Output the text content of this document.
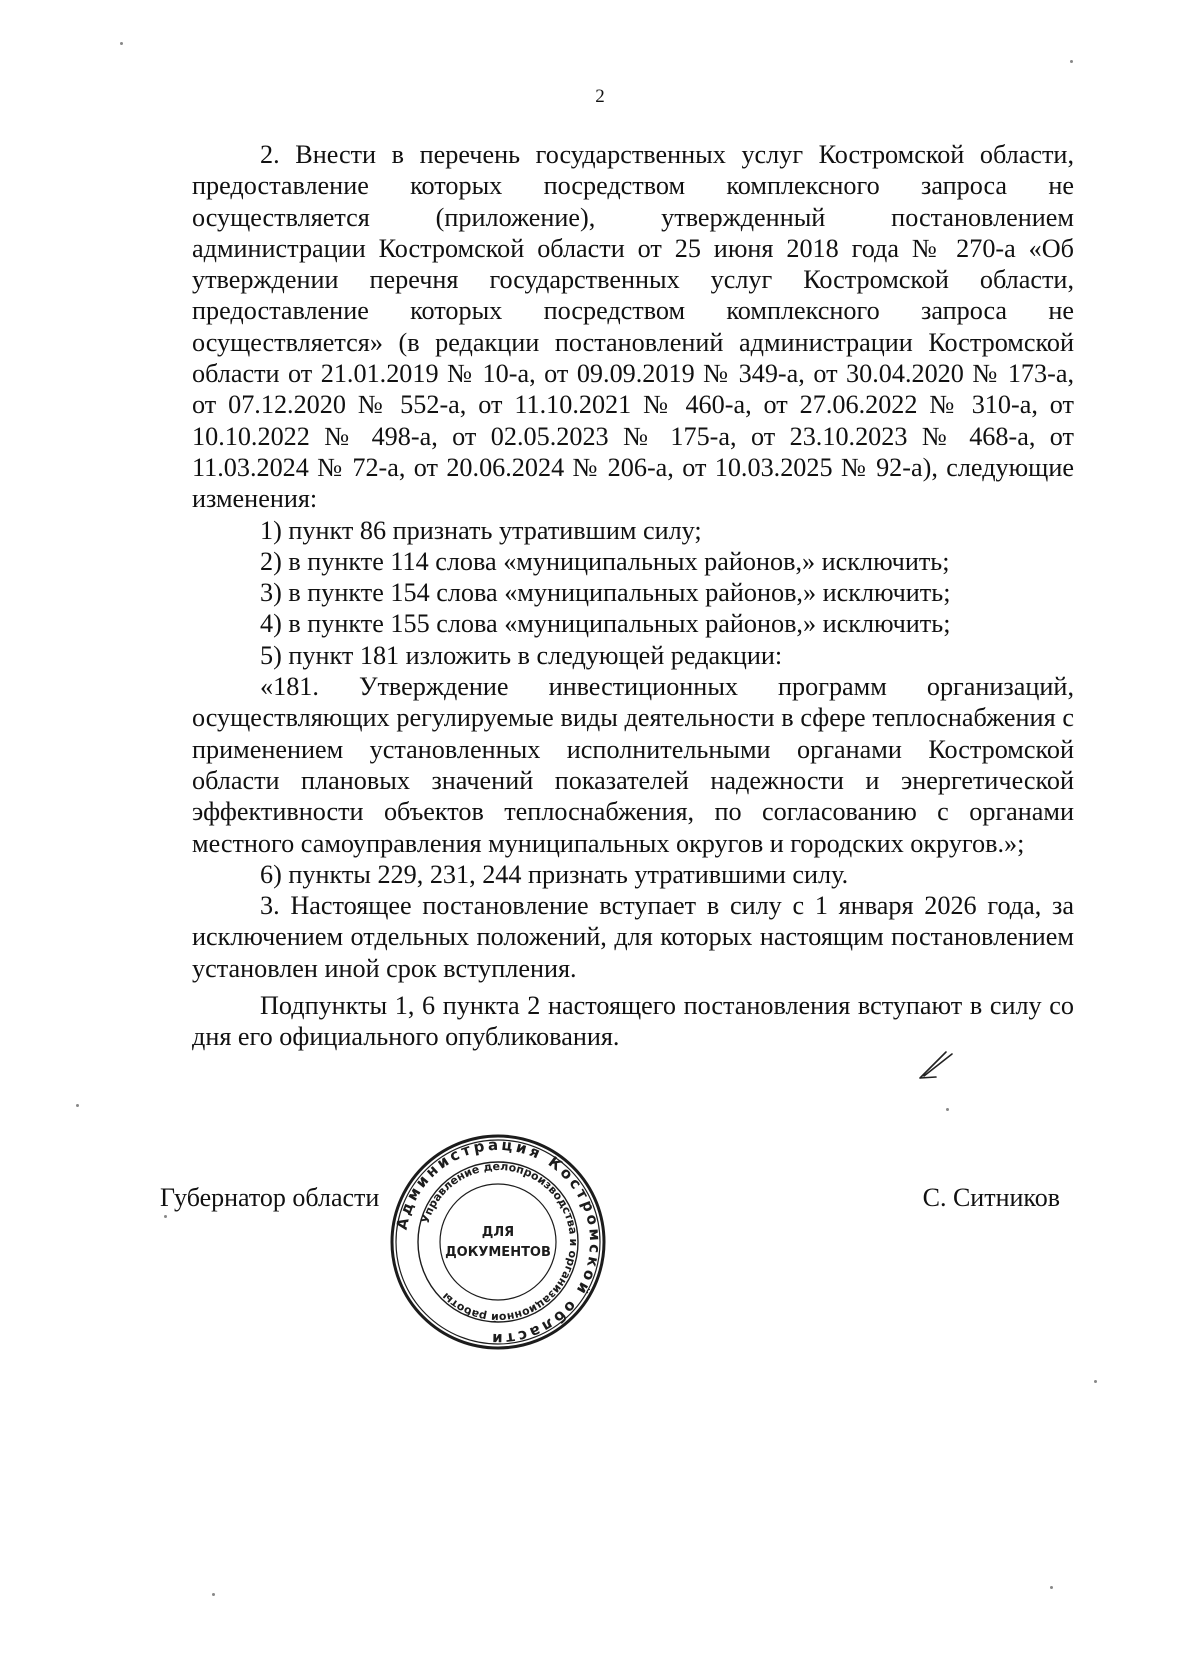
2

2. Внести в перечень государственных услуг Костромской области, предоставление которых посредством комплексного запроса не осуществляется (приложение), утвержденный постановлением администрации Костромской области от 25 июня 2018 года № 270-а «Об утверждении перечня государственных услуг Костромской области, предоставление которых посредством комплексного запроса не осуществляется» (в редакции постановлений администрации Костромской области от 21.01.2019 № 10-а, от 09.09.2019 № 349-а, от 30.04.2020 № 173-а, от 07.12.2020 № 552-а, от 11.10.2021 № 460-а, от 27.06.2022 № 310-а, от 10.10.2022 № 498-а, от 02.05.2023 № 175-а, от 23.10.2023 № 468-а, от 11.03.2024 № 72-а, от 20.06.2024 № 206-а, от 10.03.2025 № 92-а), следующие изменения:

1) пункт 86 признать утратившим силу;

2) в пункте 114 слова «муниципальных районов,» исключить;

3) в пункте 154 слова «муниципальных районов,» исключить;

4) в пункте 155 слова «муниципальных районов,» исключить;

5) пункт 181 изложить в следующей редакции:

«181. Утверждение инвестиционных программ организаций, осуществляющих регулируемые виды деятельности в сфере теплоснабжения с применением установленных исполнительными органами Костромской области плановых значений показателей надежности и энергетической эффективности объектов теплоснабжения, по согласованию с органами местного самоуправления муниципальных округов и городских округов.»;

6) пункты 229, 231, 244 признать утратившими силу.

3. Настоящее постановление вступает в силу с 1 января 2026 года, за исключением отдельных положений, для которых настоящим постановлением установлен иной срок вступления.

Подпункты 1, 6 пункта 2 настоящего постановления вступают в силу со дня его официального опубликования.

Губернатор области	С. Ситников
Администрация Костромской области
Управление делопроизводства и организационной работы
ДЛЯ
ДОКУМЕНТОВ
